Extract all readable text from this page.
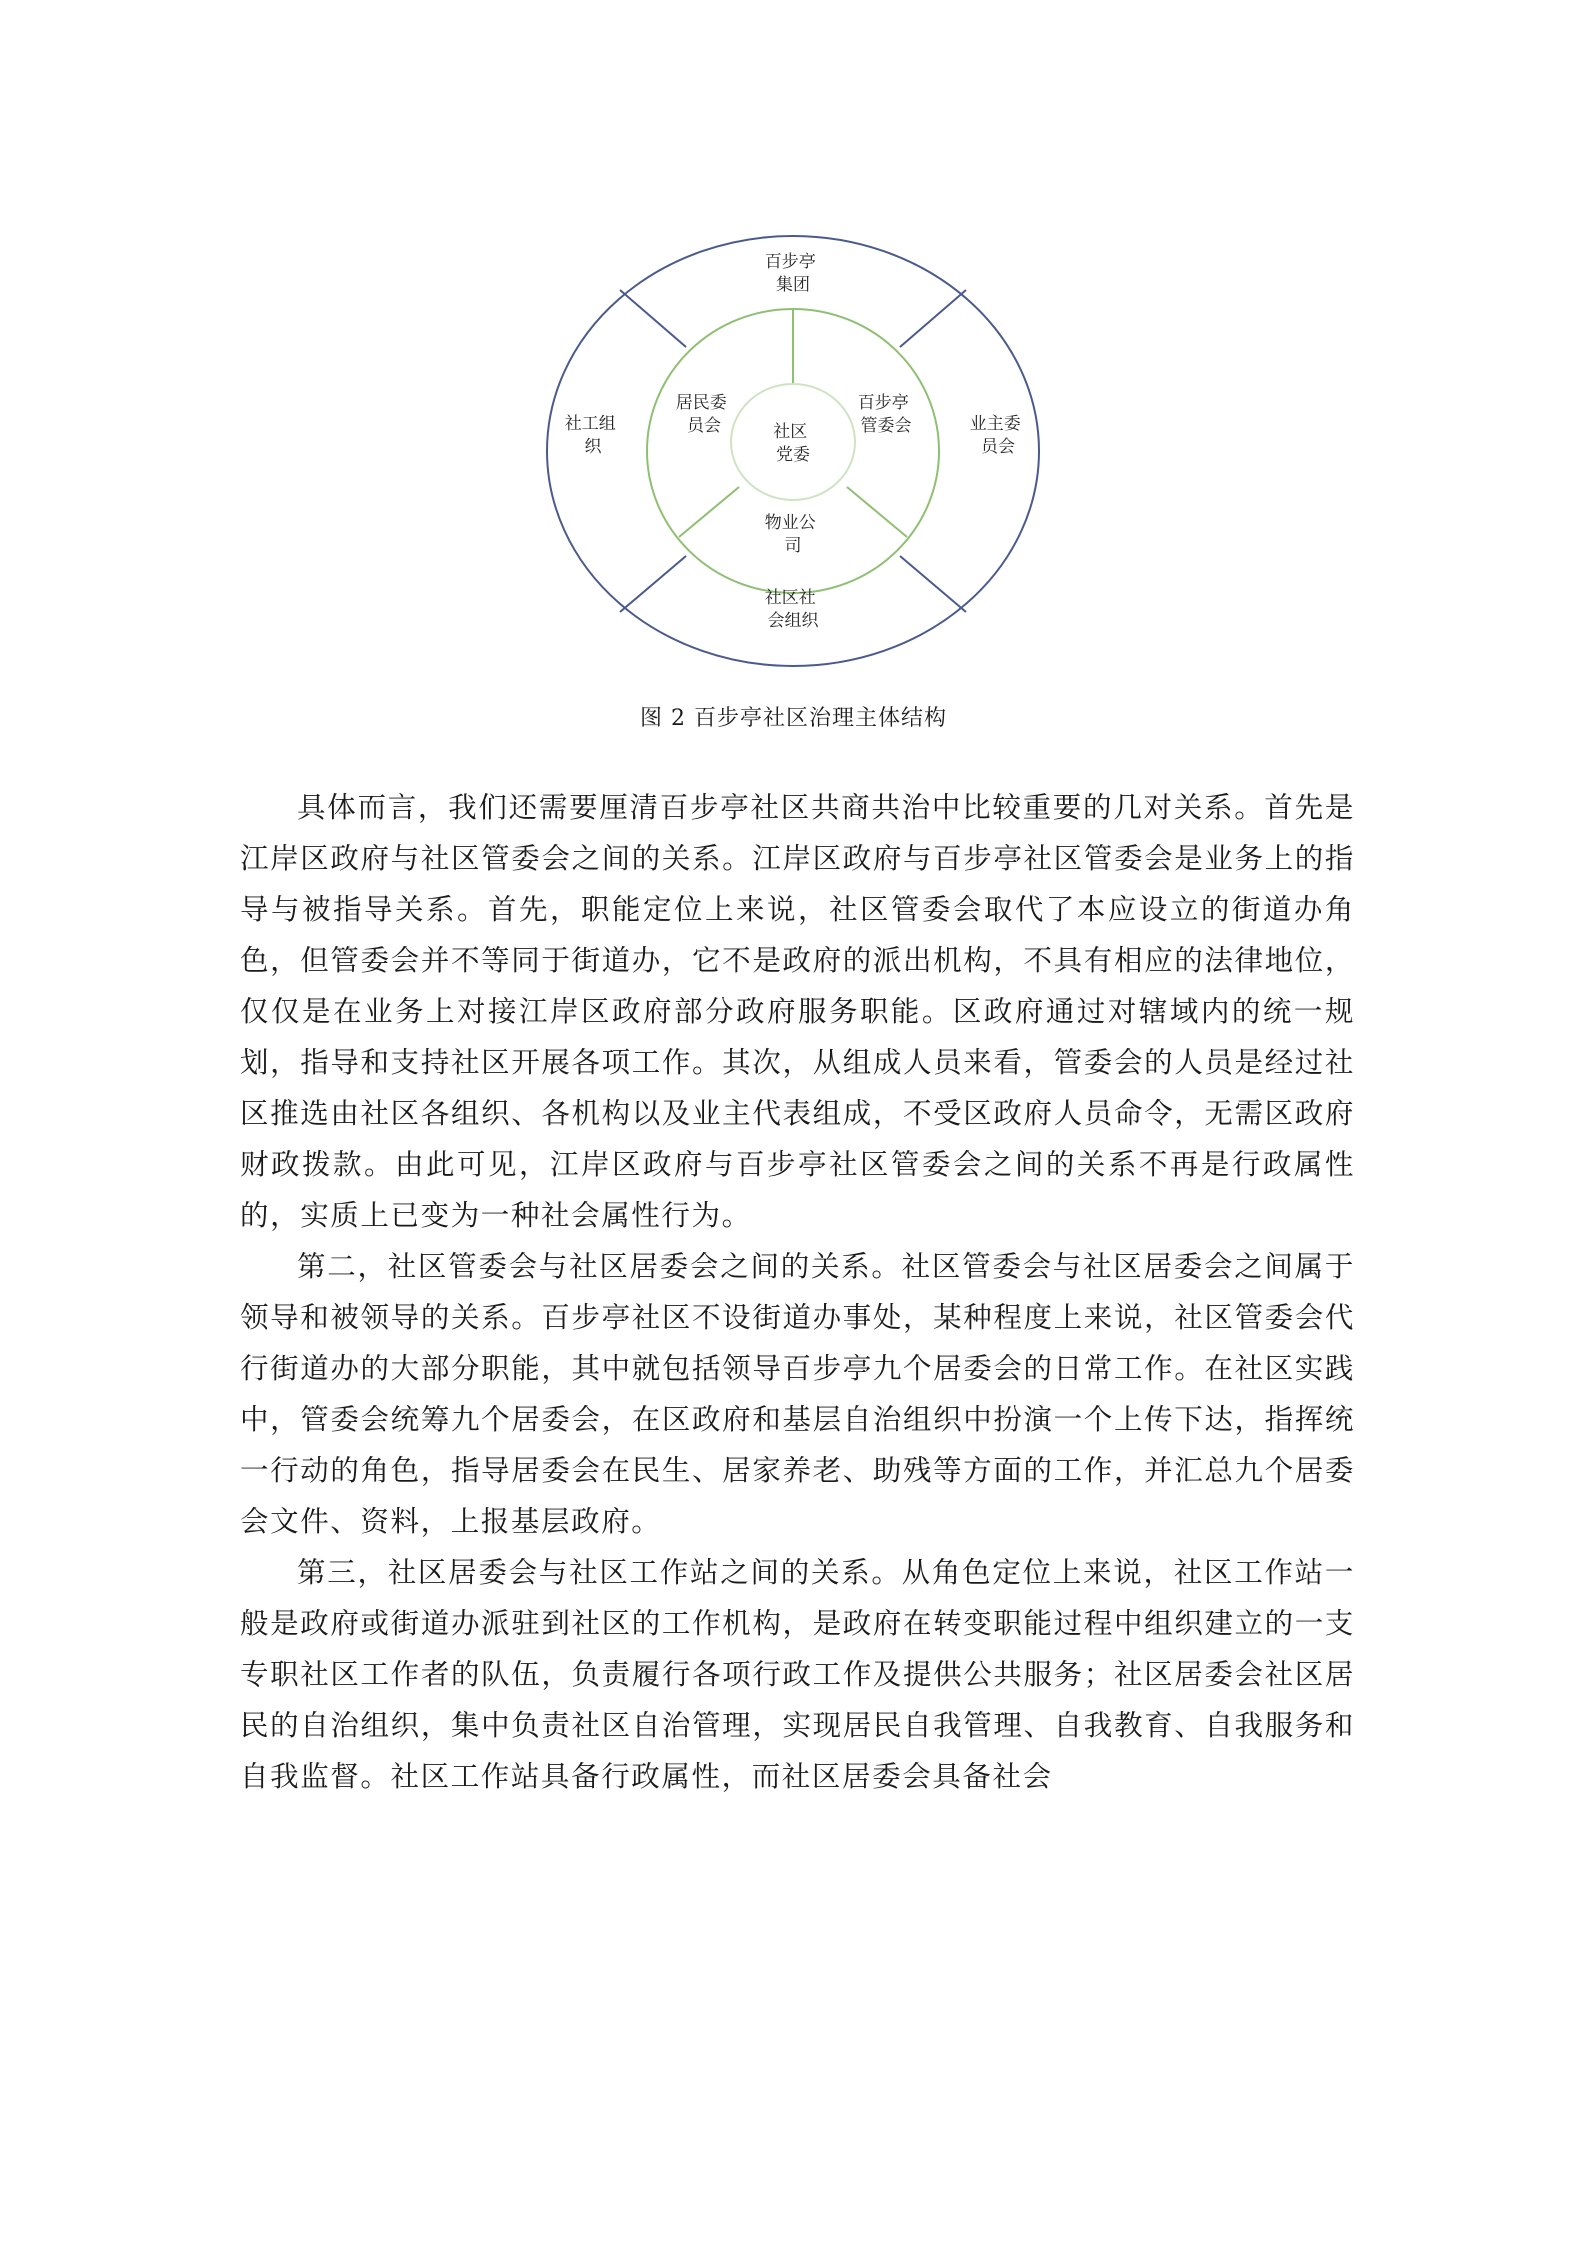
社区 党委
居民委 员会
百步亭 管委会
物业公 司
百步亭 集团
业主委 员会
社区社 会组织
社工组 织
图 2 百步亭社区治理主体结构

具体而言，我们还需要厘清百步亭社区共商共治中比较重要的几对关系。首先是江岸区政府与社区管委会之间的关系。江岸区政府与百步亭社区管委会是业务上的指导与被指导关系。首先，职能定位上来说，社区管委会取代了本应设立的街道办角色，但管委会并不等同于街道办，它不是政府的派出机构，不具有相应的法律地位，仅仅是在业务上对接江岸区政府部分政府服务职能。区政府通过对辖域内的统一规划，指导和支持社区开展各项工作。其次，从组成人员来看，管委会的人员是经过社区推选由社区各组织、各机构以及业主代表组成，不受区政府人员命令，无需区政府财政拨款。由此可见，江岸区政府与百步亭社区管委会之间的关系不再是行政属性的，实质上已变为一种社会属性行为。

第二，社区管委会与社区居委会之间的关系。社区管委会与社区居委会之间属于领导和被领导的关系。百步亭社区不设街道办事处，某种程度上来说，社区管委会代行街道办的大部分职能，其中就包括领导百步亭九个居委会的日常工作。在社区实践中，管委会统筹九个居委会，在区政府和基层自治组织中扮演一个上传下达，指挥统一行动的角色，指导居委会在民生、居家养老、助残等方面的工作，并汇总九个居委会文件、资料，上报基层政府。

第三，社区居委会与社区工作站之间的关系。从角色定位上来说，社区工作站一般是政府或街道办派驻到社区的工作机构，是政府在转变职能过程中组织建立的一支专职社区工作者的队伍，负责履行各项行政工作及提供公共服务；社区居委会社区居民的自治组织，集中负责社区自治管理，实现居民自我管理、自我教育、自我服务和自我监督。社区工作站具备行政属性，而社区居委会具备社会
